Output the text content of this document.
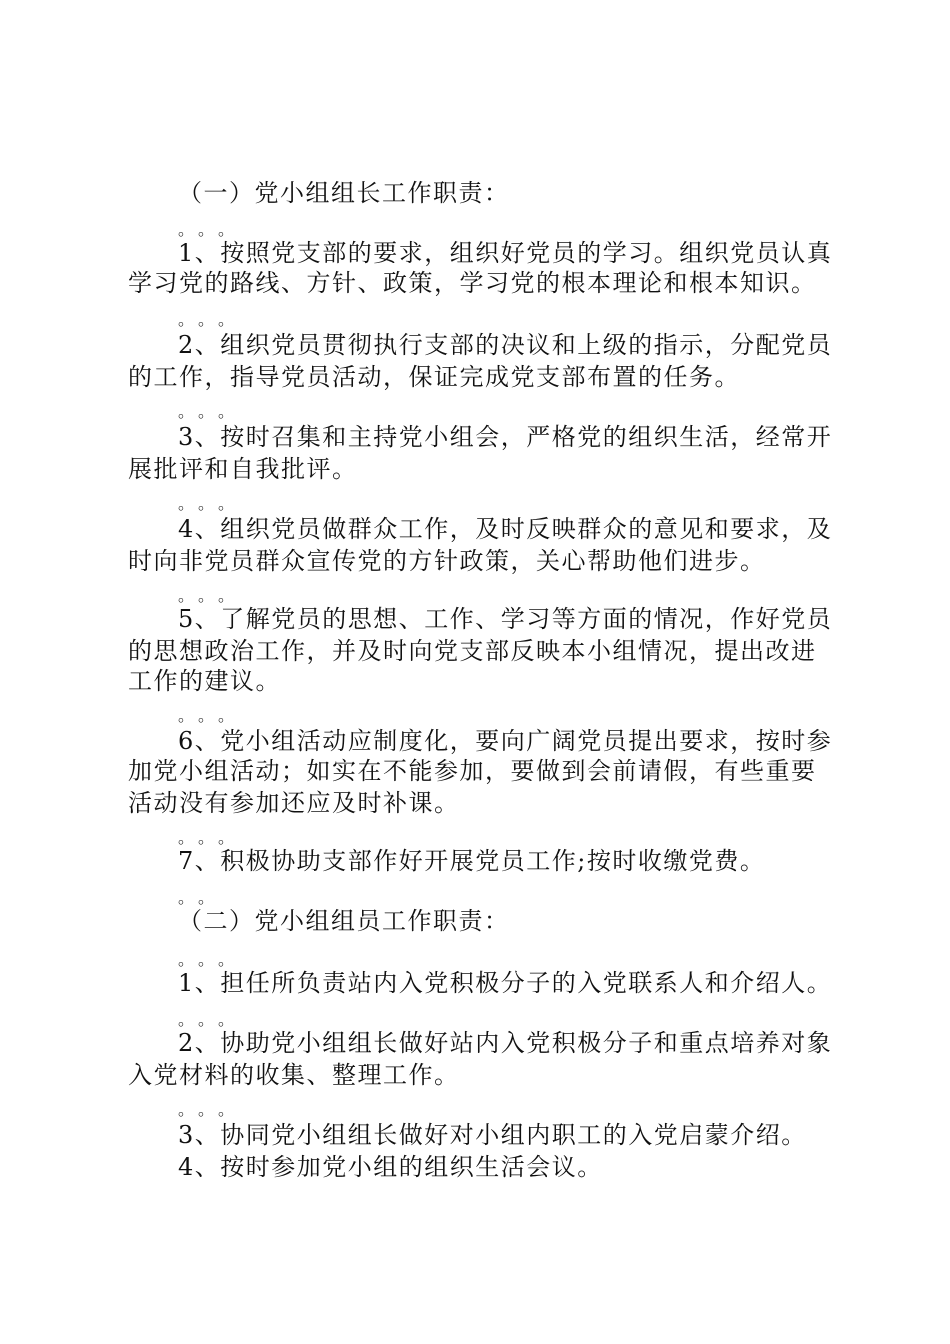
（一）党小组组长工作职责：
。。。
1、按照党支部的要求，组织好党员的学习。组织党员认真
学习党的路线、方针、政策，学习党的根本理论和根本知识。
。。。
2、组织党员贯彻执行支部的决议和上级的指示，分配党员
的工作，指导党员活动，保证完成党支部布置的任务。
。。。
3、按时召集和主持党小组会，严格党的组织生活，经常开
展批评和自我批评。
。。。
4、组织党员做群众工作，及时反映群众的意见和要求，及
时向非党员群众宣传党的方针政策，关心帮助他们进步。
。。。
5、了解党员的思想、工作、学习等方面的情况，作好党员
的思想政治工作，并及时向党支部反映本小组情况，提出改进
工作的建议。
。。。
6、党小组活动应制度化，要向广阔党员提出要求，按时参
加党小组活动；如实在不能参加，要做到会前请假，有些重要
活动没有参加还应及时补课。
。。。
7、积极协助支部作好开展党员工作;按时收缴党费。
。。
（二）党小组组员工作职责：
。。。
1、担任所负责站内入党积极分子的入党联系人和介绍人。
。。。
2、协助党小组组长做好站内入党积极分子和重点培养对象
入党材料的收集、整理工作。
。。。
3、协同党小组组长做好对小组内职工的入党启蒙介绍。
4、按时参加党小组的组织生活会议。
